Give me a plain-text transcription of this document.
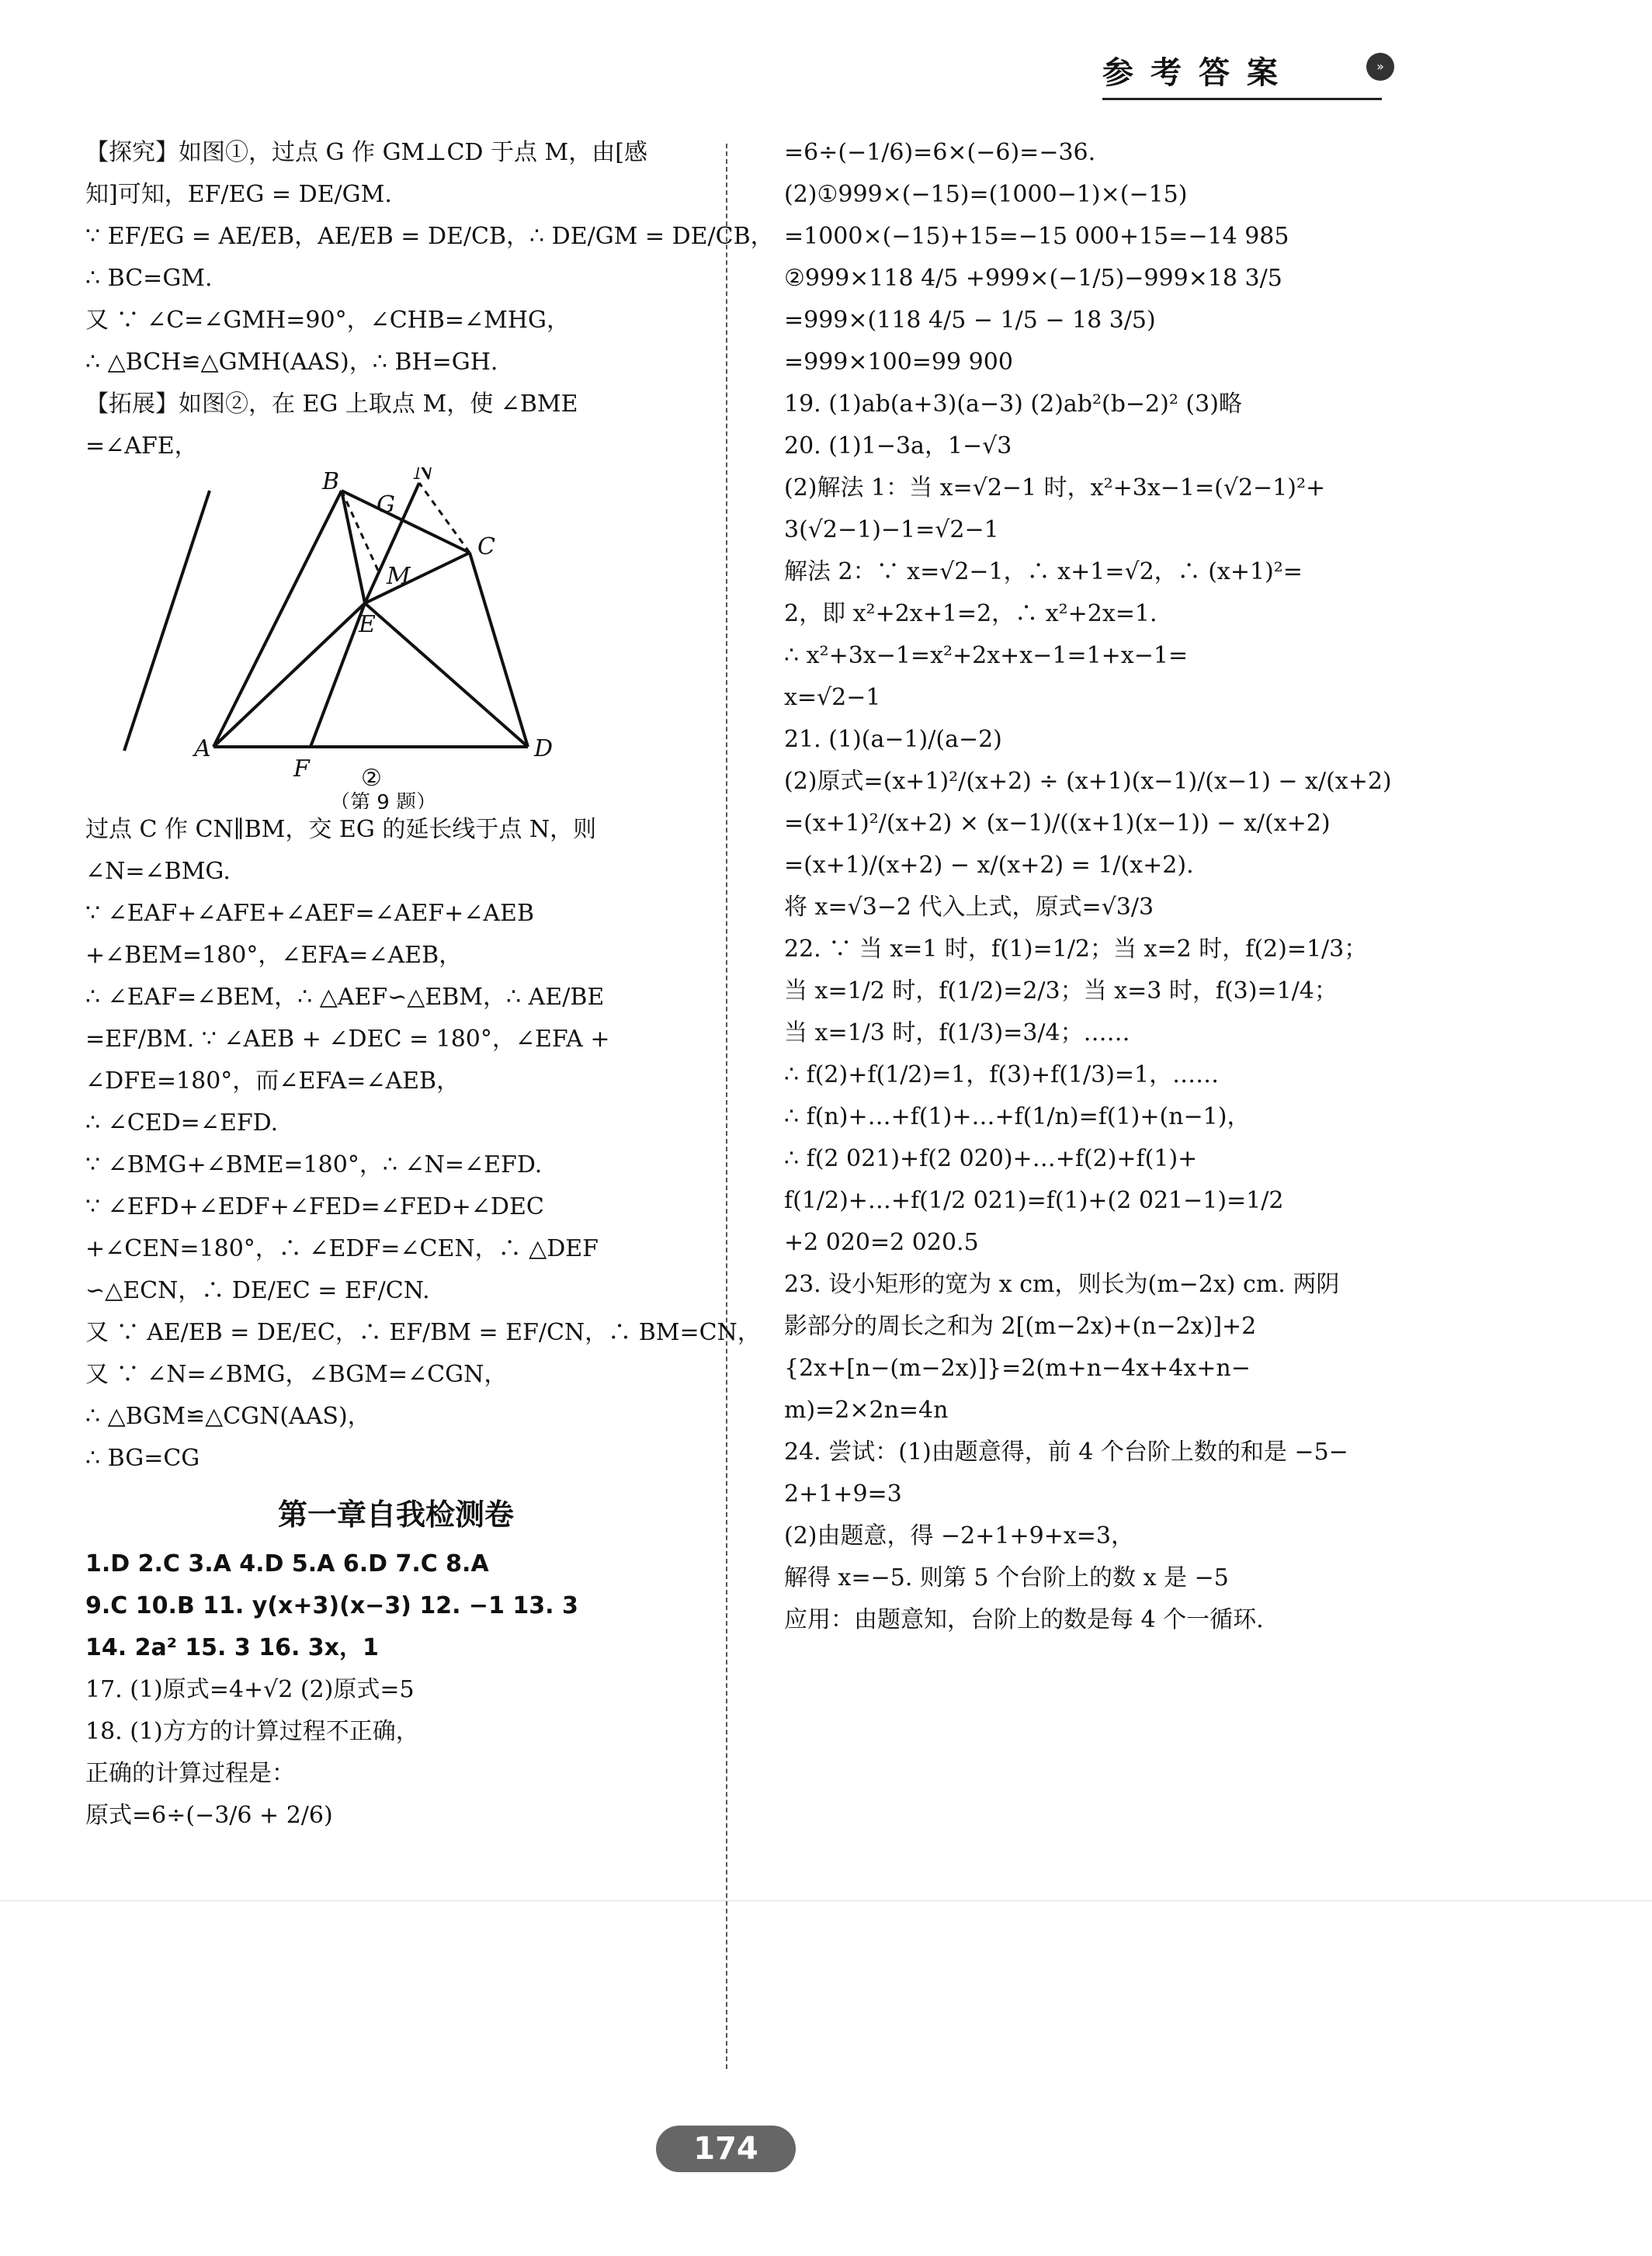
参考答案	»
【探究】如图①，过点 G 作 GM⊥CD 于点 M，由[感
知]可知，EF/EG = DE/GM.
∵ EF/EG = AE/EB，AE/EB = DE/CB，∴ DE/GM = DE/CB，
∴ BC=GM.
又 ∵ ∠C=∠GMH=90°，∠CHB=∠MHG，
∴ △BCH≌△GMH(AAS)，∴ BH=GH.
【拓展】如图②，在 EG 上取点 M，使 ∠BME
=∠AFE，
B
G
N
M
C
E
A
F
D
②
（第 9 题）
过点 C 作 CN∥BM，交 EG 的延长线于点 N，则
∠N=∠BMG.
∵ ∠EAF+∠AFE+∠AEF=∠AEF+∠AEB
+∠BEM=180°，∠EFA=∠AEB，
∴ ∠EAF=∠BEM，∴ △AEF∽△EBM，∴ AE/BE
=EF/BM. ∵ ∠AEB + ∠DEC = 180°，∠EFA +
∠DFE=180°，而∠EFA=∠AEB，
∴ ∠CED=∠EFD.
∵ ∠BMG+∠BME=180°，∴ ∠N=∠EFD.
∵ ∠EFD+∠EDF+∠FED=∠FED+∠DEC
+∠CEN=180°，∴ ∠EDF=∠CEN，∴ △DEF
∽△ECN，∴ DE/EC = EF/CN.
又 ∵ AE/EB = DE/EC，∴ EF/BM = EF/CN，∴ BM=CN，
又 ∵ ∠N=∠BMG，∠BGM=∠CGN，
∴ △BGM≌△CGN(AAS)，
∴ BG=CG
第一章自我检测卷
1.D 2.C 3.A 4.D 5.A 6.D 7.C 8.A
9.C 10.B 11. y(x+3)(x−3) 12. −1 13. 3
14. 2a² 15. 3 16. 3x，1
17. (1)原式=4+√2 (2)原式=5
18. (1)方方的计算过程不正确，
正确的计算过程是：
原式=6÷(−3/6 + 2/6)
=6÷(−1/6)=6×(−6)=−36.
(2)①999×(−15)=(1000−1)×(−15)
=1000×(−15)+15=−15 000+15=−14 985
②999×118 4/5 +999×(−1/5)−999×18 3/5
=999×(118 4/5 − 1/5 − 18 3/5)
=999×100=99 900
19. (1)ab(a+3)(a−3) (2)ab²(b−2)² (3)略
20. (1)1−3a，1−√3
(2)解法 1：当 x=√2−1 时，x²+3x−1=(√2−1)²+
3(√2−1)−1=√2−1
解法 2：∵ x=√2−1，∴ x+1=√2，∴ (x+1)²=
2，即 x²+2x+1=2，∴ x²+2x=1.
∴ x²+3x−1=x²+2x+x−1=1+x−1=
x=√2−1
21. (1)(a−1)/(a−2)
(2)原式=(x+1)²/(x+2) ÷ (x+1)(x−1)/(x−1) − x/(x+2)
=(x+1)²/(x+2) × (x−1)/((x+1)(x−1)) − x/(x+2)
=(x+1)/(x+2) − x/(x+2) = 1/(x+2).
将 x=√3−2 代入上式，原式=√3/3
22. ∵ 当 x=1 时，f(1)=1/2；当 x=2 时，f(2)=1/3；
当 x=1/2 时，f(1/2)=2/3；当 x=3 时，f(3)=1/4；
当 x=1/3 时，f(1/3)=3/4；……
∴ f(2)+f(1/2)=1，f(3)+f(1/3)=1，……
∴ f(n)+…+f(1)+…+f(1/n)=f(1)+(n−1)，
∴ f(2 021)+f(2 020)+…+f(2)+f(1)+
f(1/2)+…+f(1/2 021)=f(1)+(2 021−1)=1/2
+2 020=2 020.5
23. 设小矩形的宽为 x cm，则长为(m−2x) cm. 两阴
影部分的周长之和为 2[(m−2x)+(n−2x)]+2
{2x+[n−(m−2x)]}=2(m+n−4x+4x+n−
m)=2×2n=4n
24. 尝试：(1)由题意得，前 4 个台阶上数的和是 −5−
2+1+9=3
(2)由题意，得 −2+1+9+x=3，
解得 x=−5. 则第 5 个台阶上的数 x 是 −5
应用：由题意知，台阶上的数是每 4 个一循环.
174
